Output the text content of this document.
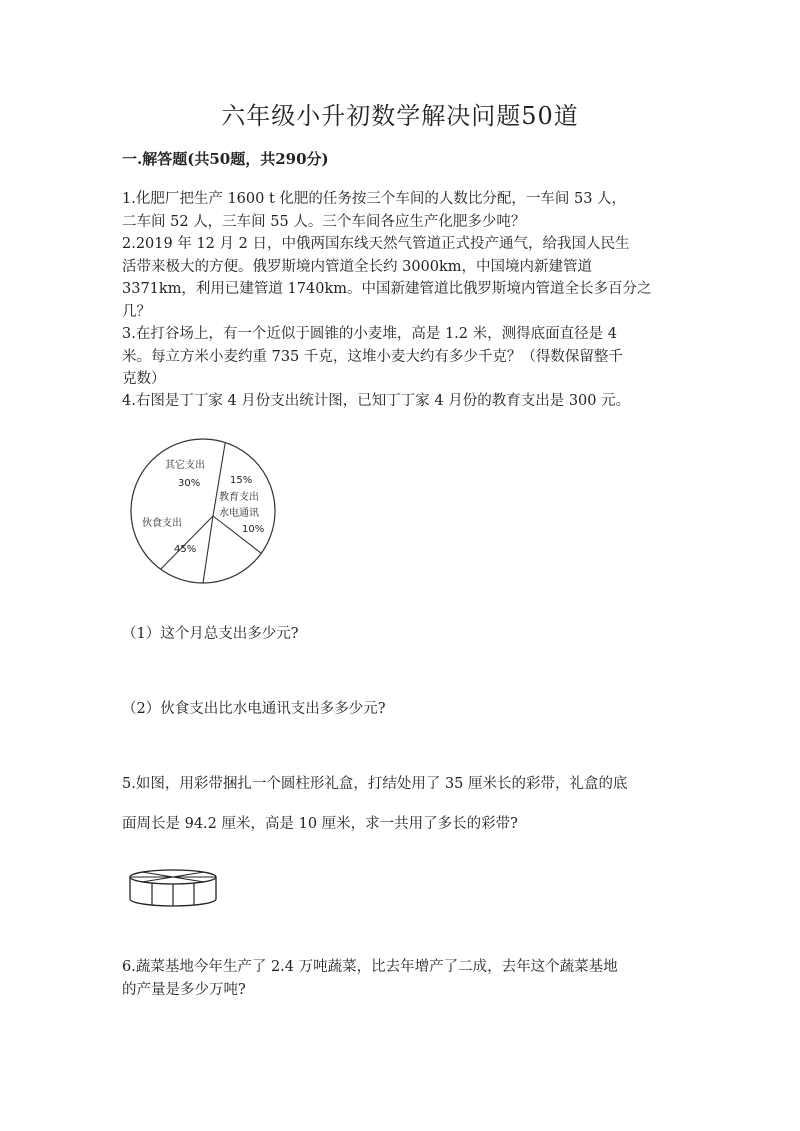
六年级小升初数学解决问题50道
一.解答题(共50题，共290分)
1.化肥厂把生产 1600 t 化肥的任务按三个车间的人数比分配，一车间 53 人，
二车间 52 人，三车间 55 人。三个车间各应生产化肥多少吨？
2.2019 年 12 月 2 日，中俄两国东线天然气管道正式投产通气，给我国人民生
活带来极大的方便。俄罗斯境内管道全长约 3000km，中国境内新建管道
3371km，利用已建管道 1740km。中国新建管道比俄罗斯境内管道全长多百分之
几？
3.在打谷场上，有一个近似于圆锥的小麦堆，高是 1.2 米，测得底面直径是 4
米。每立方米小麦约重 735 千克，这堆小麦大约有多少千克？（得数保留整千
克数）
4.右图是丁丁家 4 月份支出统计图，已知丁丁家 4 月份的教育支出是 300 元。
其它支出
30%	15%
教育支出
水电通讯
10%
伙食支出
45%
（1）这个月总支出多少元?
（2）伙食支出比水电通讯支出多多少元?
5.如图，用彩带捆扎一个圆柱形礼盒，打结处用了 35 厘米长的彩带，礼盒的底
面周长是 94.2 厘米，高是 10 厘米，求一共用了多长的彩带?
6.蔬菜基地今年生产了 2.4 万吨蔬菜，比去年增产了二成，去年这个蔬菜基地
的产量是多少万吨?
